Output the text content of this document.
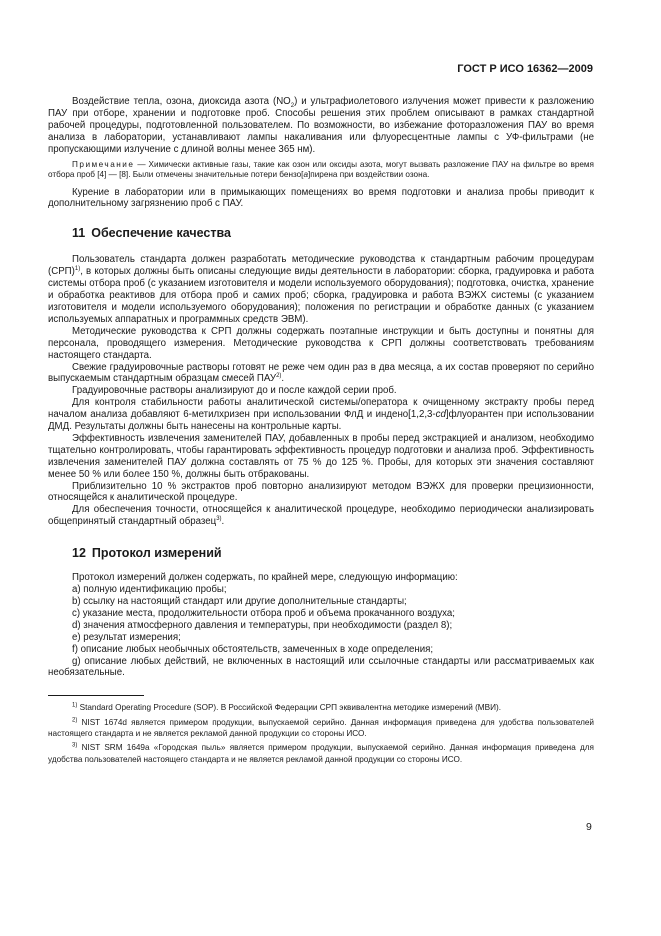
ГОСТ Р ИСО 16362—2009

Воздействие тепла, озона, диоксида азота $(NO_2)$ и ультрафиолетового излучения может привести к разложению ПАУ при отборе, хранении и подготовке проб. Способы решения этих проблем описывают в рамках стандартной рабочей процедуры, подготовленной пользователем. По возможности, во избежание фоторазложения ПАУ во время анализа в лаборатории, устанавливают лампы накаливания или флуоресцентные лампы с УФ-фильтрами (не пропускающими излучение с длиной волны менее 365 нм).

Примечание — Химически активные газы, такие как озон или оксиды азота, могут вызвать разложение ПАУ на фильтре во время отбора проб [4] — [8]. Были отмечены значительные потери бензо[a]пирена при воздействии озона.

Курение в лаборатории или в примыкающих помещениях во время подготовки и анализа пробы приводит к дополнительному загрязнению проб с ПАУ.

11 Обеспечение качества

Пользователь стандарта должен разработать методические руководства к стандартным рабочим процедурам (СРП)$^{1)}$, в которых должны быть описаны следующие виды деятельности в лаборатории: сборка, градуировка и работа системы отбора проб (с указанием изготовителя и модели используемого оборудования); подготовка, очистка, хранение и обработка реактивов для отбора проб и самих проб; сборка, градуировка и работа ВЭЖХ системы (с указанием изготовителя и модели используемого оборудования); положения по регистрации и обработке данных (с указанием используемых аппаратных и программных средств ЭВМ).

Методические руководства к СРП должны содержать поэтапные инструкции и быть доступны и понятны для персонала, проводящего измерения. Методические руководства к СРП должны соответствовать требованиям настоящего стандарта.

Свежие градуировочные растворы готовят не реже чем один раз в два месяца, а их состав проверяют по серийно выпускаемым стандартным образцам смесей ПАУ$^{2)}$.

Градуировочные растворы анализируют до и после каждой серии проб.

Для контроля стабильности работы аналитической системы/оператора к очищенному экстракту пробы перед началом анализа добавляют 6-метилхризен при использовании ФлД и индено[1,2,3-cd]флуорантен при использовании ДМД. Результаты должны быть нанесены на контрольные карты.

Эффективность извлечения заменителей ПАУ, добавленных в пробы перед экстракцией и анализом, необходимо тщательно контролировать, чтобы гарантировать эффективность процедур подготовки и анализа проб. Эффективность извлечения заменителей ПАУ должна составлять от 75 % до 125 %. Пробы, для которых эти значения составляют менее 50 % или более 150 %, должны быть отбракованы.

Приблизительно 10 % экстрактов проб повторно анализируют методом ВЭЖХ для проверки прецизионности, относящейся к аналитической процедуре.

Для обеспечения точности, относящейся к аналитической процедуре, необходимо периодически анализировать общепринятый стандартный образец$^{3)}$.

12 Протокол измерений

Протокол измерений должен содержать, по крайней мере, следующую информацию:

a) полную идентификацию пробы;

b) ссылку на настоящий стандарт или другие дополнительные стандарты;

c) указание места, продолжительности отбора проб и объема прокачанного воздуха;

d) значения атмосферного давления и температуры, при необходимости (раздел 8);

e) результат измерения;

f) описание любых необычных обстоятельств, замеченных в ходе определения;

g) описание любых действий, не включенных в настоящий или ссылочные стандарты или рассматриваемых как необязательные.

$^{1)}$ Standard Operating Procedure (SOP). В Российской Федерации СРП эквивалентна методике измерений (МВИ).

$^{2)}$ NIST 1674d является примером продукции, выпускаемой серийно. Данная информация приведена для удобства пользователей настоящего стандарта и не является рекламой данной продукции со стороны ИСО.

$^{3)}$ NIST SRM 1649a «Городская пыль» является примером продукции, выпускаемой серийно. Данная информация приведена для удобства пользователей настоящего стандарта и не является рекламой данной продукции со стороны ИСО.

9
